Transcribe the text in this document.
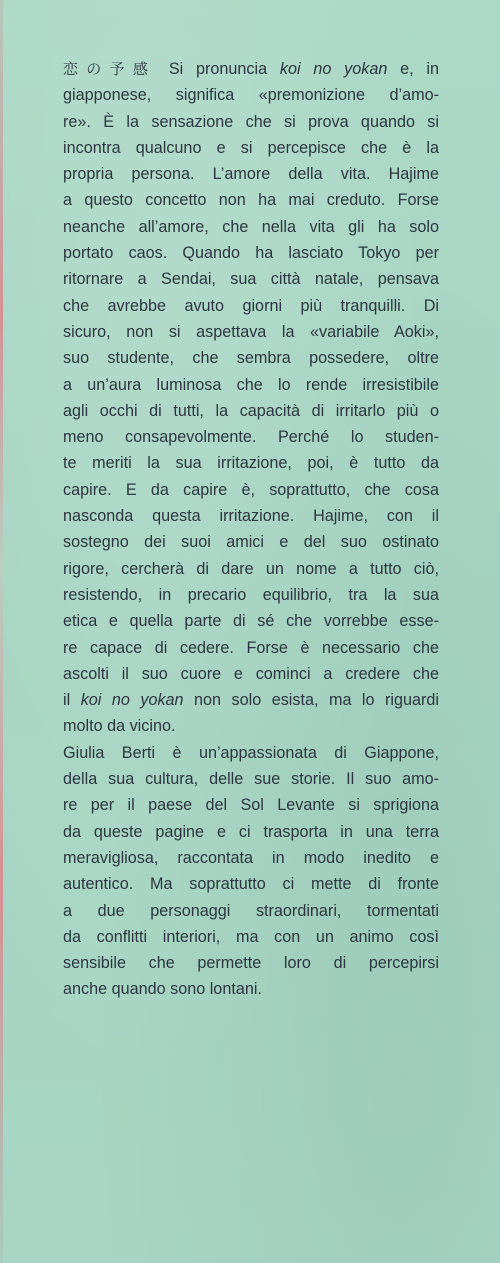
恋の予感 Si pronuncia koi no yokan e, in
giapponese, significa «premonizione d’amo-
re». È la sensazione che si prova quando si
incontra qualcuno e si percepisce che è la
propria persona. L’amore della vita. Hajime
a questo concetto non ha mai creduto. Forse
neanche all’amore, che nella vita gli ha solo
portato caos. Quando ha lasciato Tokyo per
ritornare a Sendai, sua città natale, pensava
che avrebbe avuto giorni più tranquilli. Di
sicuro, non si aspettava la «variabile Aoki»,
suo studente, che sembra possedere, oltre
a un’aura luminosa che lo rende irresistibile
agli occhi di tutti, la capacità di irritarlo più o
meno consapevolmente. Perché lo studen-
te meriti la sua irritazione, poi, è tutto da
capire. E da capire è, soprattutto, che cosa
nasconda questa irritazione. Hajime, con il
sostegno dei suoi amici e del suo ostinato
rigore, cercherà di dare un nome a tutto ciò,
resistendo, in precario equilibrio, tra la sua
etica e quella parte di sé che vorrebbe esse-
re capace di cedere. Forse è necessario che
ascolti il suo cuore e cominci a credere che
il koi no yokan non solo esista, ma lo riguardi
molto da vicino.
Giulia Berti è un’appassionata di Giappone,
della sua cultura, delle sue storie. Il suo amo-
re per il paese del Sol Levante si sprigiona
da queste pagine e ci trasporta in una terra
meravigliosa, raccontata in modo inedito e
autentico. Ma soprattutto ci mette di fronte
a due personaggi straordinari, tormentati
da conflitti interiori, ma con un animo così
sensibile che permette loro di percepirsi
anche quando sono lontani.
